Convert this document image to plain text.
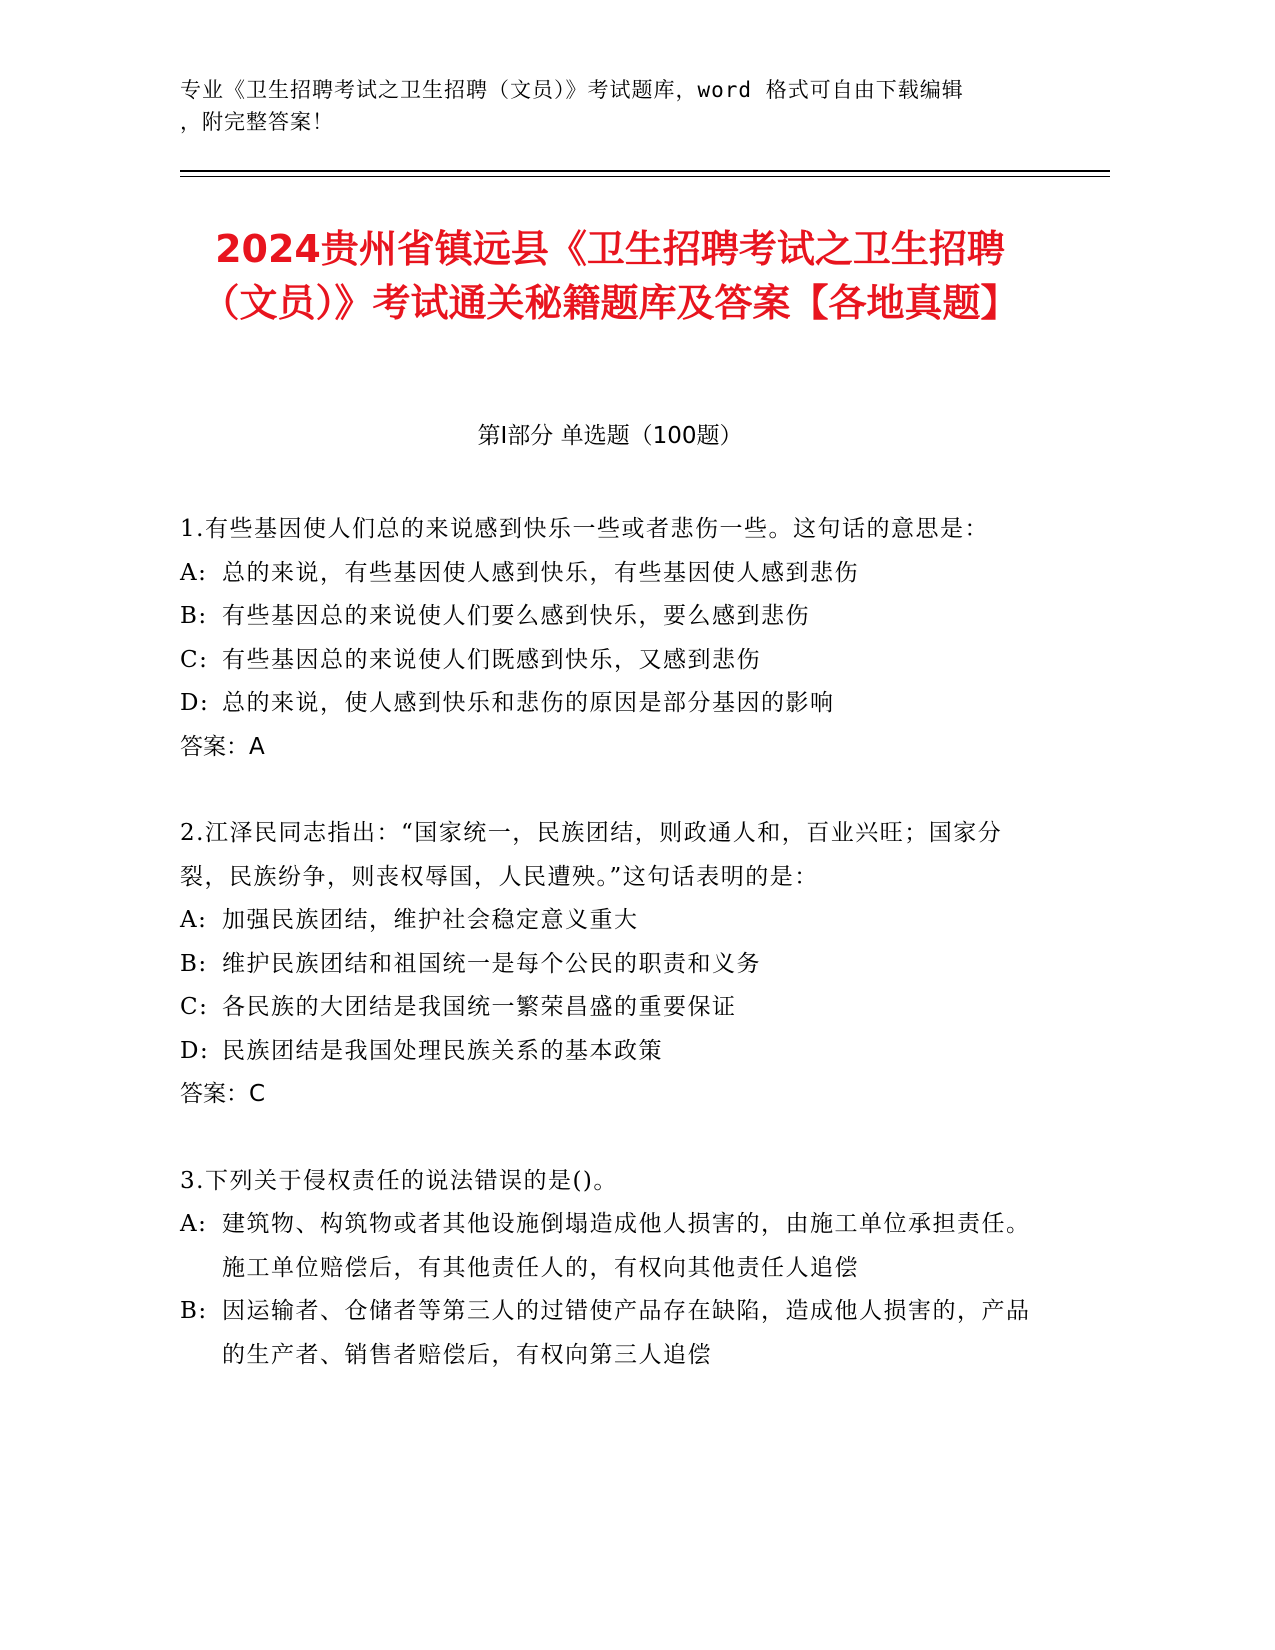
专业《卫生招聘考试之卫生招聘（文员）》考试题库，word 格式可自由下载编辑
，附完整答案！
2024贵州省镇远县《卫生招聘考试之卫生招聘（文员）》考试通关秘籍题库及答案【各地真题】
第Ⅰ部分 单选题（100题）

1.有些基因使人们总的来说感到快乐一些或者悲伤一些。这句话的意思是：

A: 总的来说，有些基因使人感到快乐，有些基因使人感到悲伤
B: 有些基因总的来说使人们要么感到快乐，要么感到悲伤
C: 有些基因总的来说使人们既感到快乐，又感到悲伤
D: 总的来说，使人感到快乐和悲伤的原因是部分基因的影响

答案：A

2.江泽民同志指出：“国家统一，民族团结，则政通人和，百业兴旺；国家分裂，民族纷争，则丧权辱国，人民遭殃。”这句话表明的是：

A: 加强民族团结，维护社会稳定意义重大
B: 维护民族团结和祖国统一是每个公民的职责和义务
C: 各民族的大团结是我国统一繁荣昌盛的重要保证
D: 民族团结是我国处理民族关系的基本政策

答案：C

3.下列关于侵权责任的说法错误的是()。

A: 建筑物、构筑物或者其他设施倒塌造成他人损害的，由施工单位承担责任。施工单位赔偿后，有其他责任人的，有权向其他责任人追偿
B: 因运输者、仓储者等第三人的过错使产品存在缺陷，造成他人损害的，产品的生产者、销售者赔偿后，有权向第三人追偿
